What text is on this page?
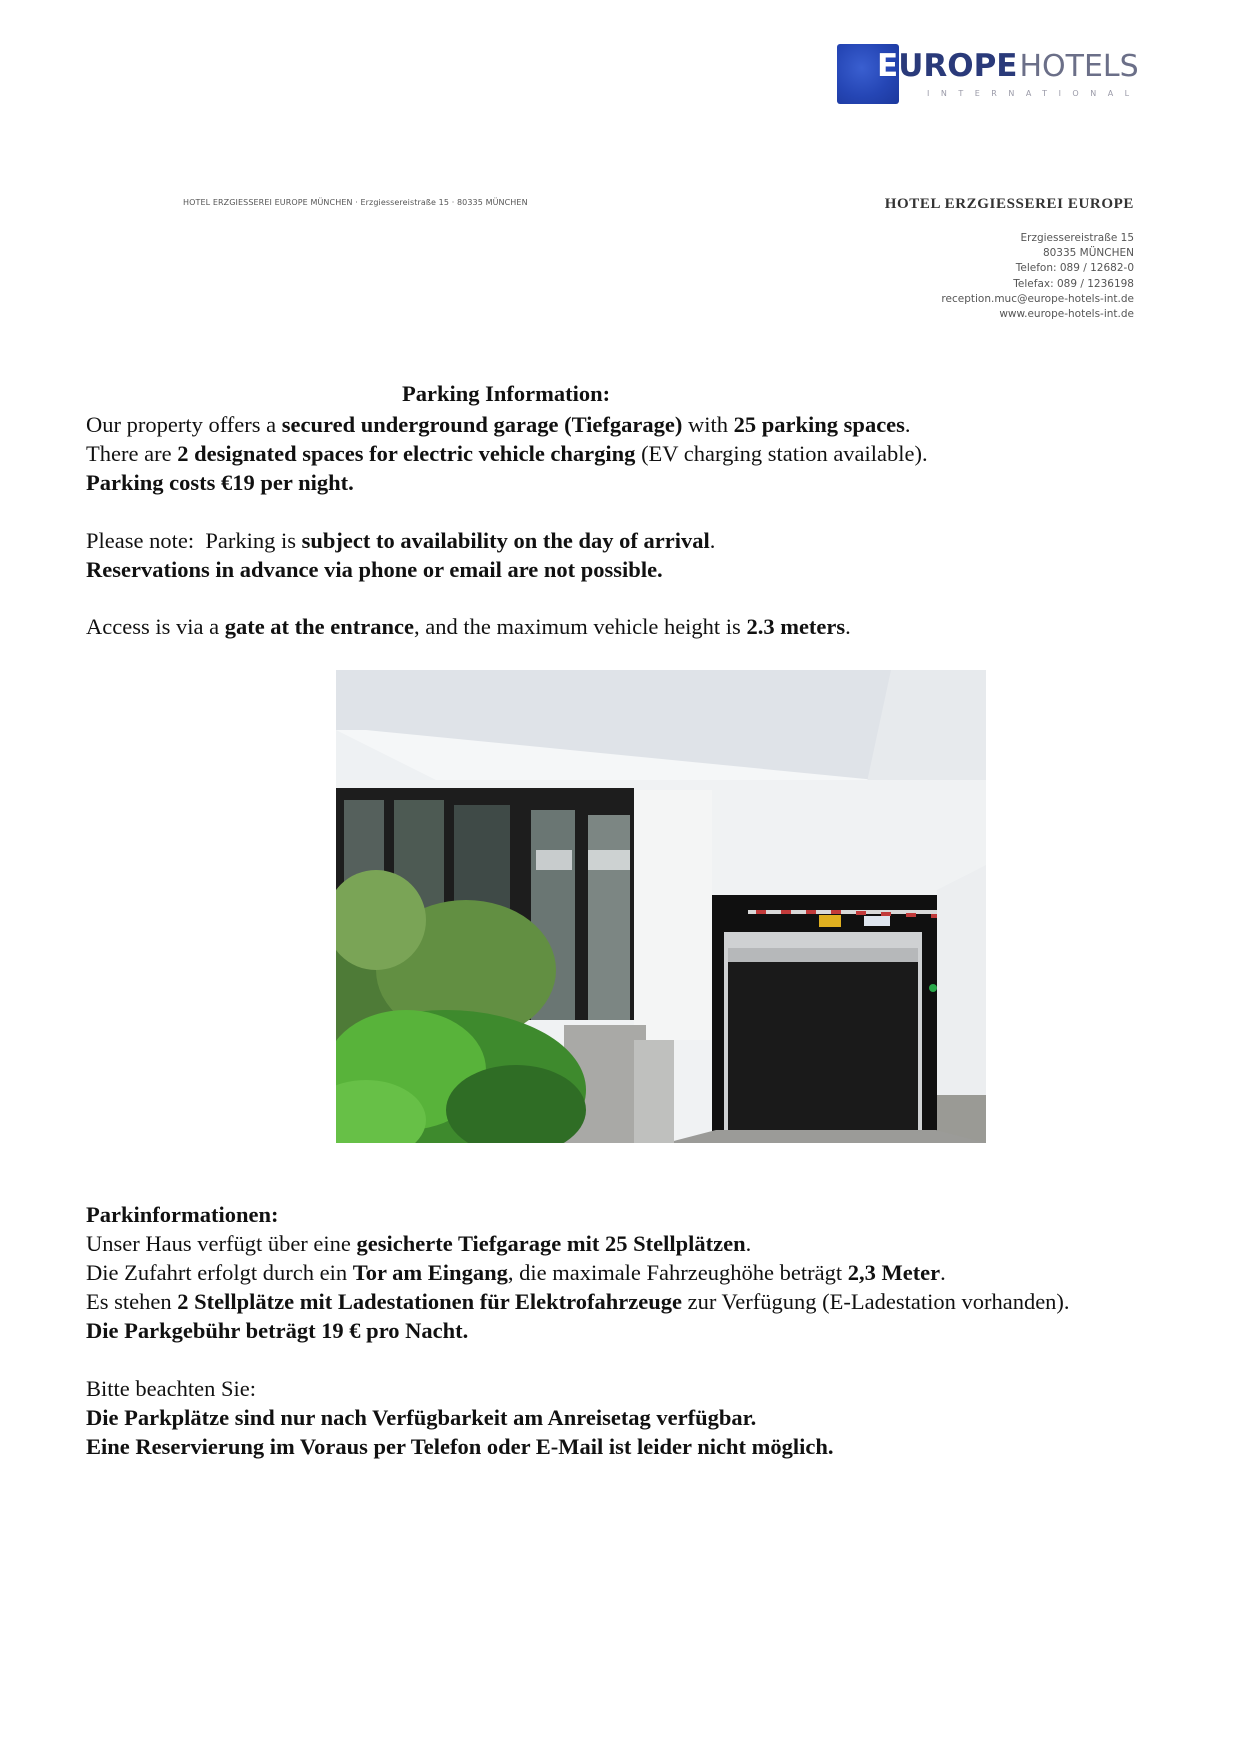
EUROPEHOTELS
INTERNATIONAL
HOTEL ERZGIESSEREI EUROPE MÜNCHEN · Erzgiessereistraße 15 · 80335 MÜNCHEN	HOTEL ERZGIESSEREI EUROPE
Erzgiessereistraße 15
80335 MÜNCHEN
Telefon: 089 / 12682-0
Telefax: 089 / 1236198
reception.muc@europe-hotels-int.de
www.europe-hotels-int.de
Parking Information:
Our property offers a secured underground garage (Tiefgarage) with 25 parking spaces.
There are 2 designated spaces for electric vehicle charging (EV charging station available).
Parking costs €19 per night.
Please note:  Parking is subject to availability on the day of arrival.
Reservations in advance via phone or email are not possible.
Access is via a gate at the entrance, and the maximum vehicle height is 2.3 meters.
Parkinformationen:
Unser Haus verfügt über eine gesicherte Tiefgarage mit 25 Stellplätzen.
Die Zufahrt erfolgt durch ein Tor am Eingang, die maximale Fahrzeughöhe beträgt 2,3 Meter.
Es stehen 2 Stellplätze mit Ladestationen für Elektrofahrzeuge zur Verfügung (E-Ladestation vorhanden).
Die Parkgebühr beträgt 19 € pro Nacht.
Bitte beachten Sie:
Die Parkplätze sind nur nach Verfügbarkeit am Anreisetag verfügbar.
Eine Reservierung im Voraus per Telefon oder E-Mail ist leider nicht möglich.
